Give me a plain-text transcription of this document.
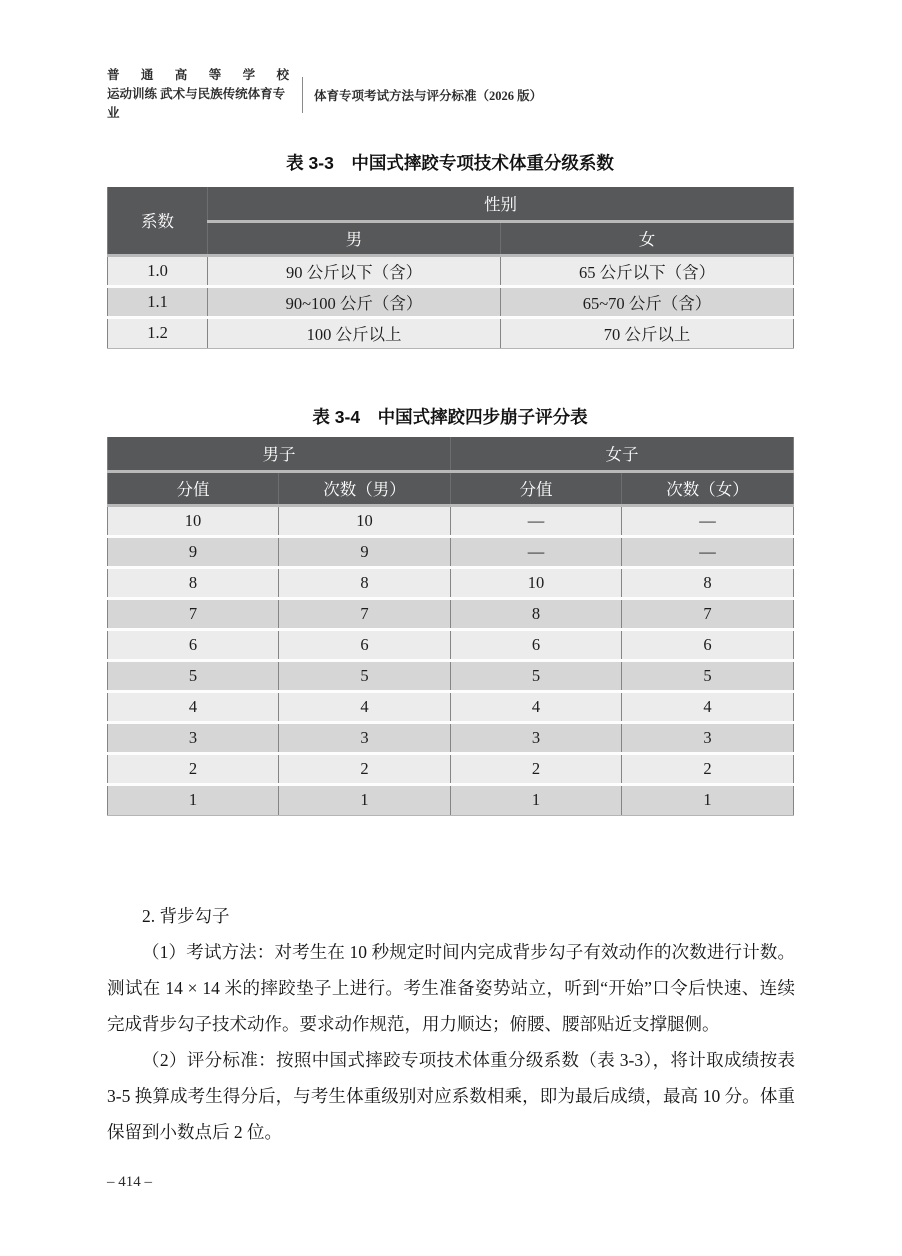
普通高等学校
运动训练 武术与民族传统体育专业
体育专项考试方法与评分标准（2026 版）
表 3-3　中国式摔跤专项技术体重分级系数
系数	性别	
	男	女
1.0	90 公斤以下（含）	65 公斤以下（含）
1.1	90~100 公斤（含）	65~70 公斤（含）
1.2	100 公斤以上	70 公斤以上
表 3-4　中国式摔跤四步崩子评分表
男子		女子	
分值	次数（男）	分值	次数（女）
10	10	—	—
9	9	—	—
8	8	10	8
7	7	8	7
6	6	6	6
5	5	5	5
4	4	4	4
3	3	3	3
2	2	2	2
1	1	1	1
2. 背步勾子
（1）考试方法：对考生在 10 秒规定时间内完成背步勾子有效动作的次数进行计数。测试在 14 × 14 米的摔跤垫子上进行。考生准备姿势站立，听到“开始”口令后快速、连续完成背步勾子技术动作。要求动作规范，用力顺达；俯腰、腰部贴近支撑腿侧。
（2）评分标准：按照中国式摔跤专项技术体重分级系数（表 3-3），将计取成绩按表 3-5 换算成考生得分后，与考生体重级别对应系数相乘，即为最后成绩，最高 10 分。体重保留到小数点后 2 位。
– 414 –
